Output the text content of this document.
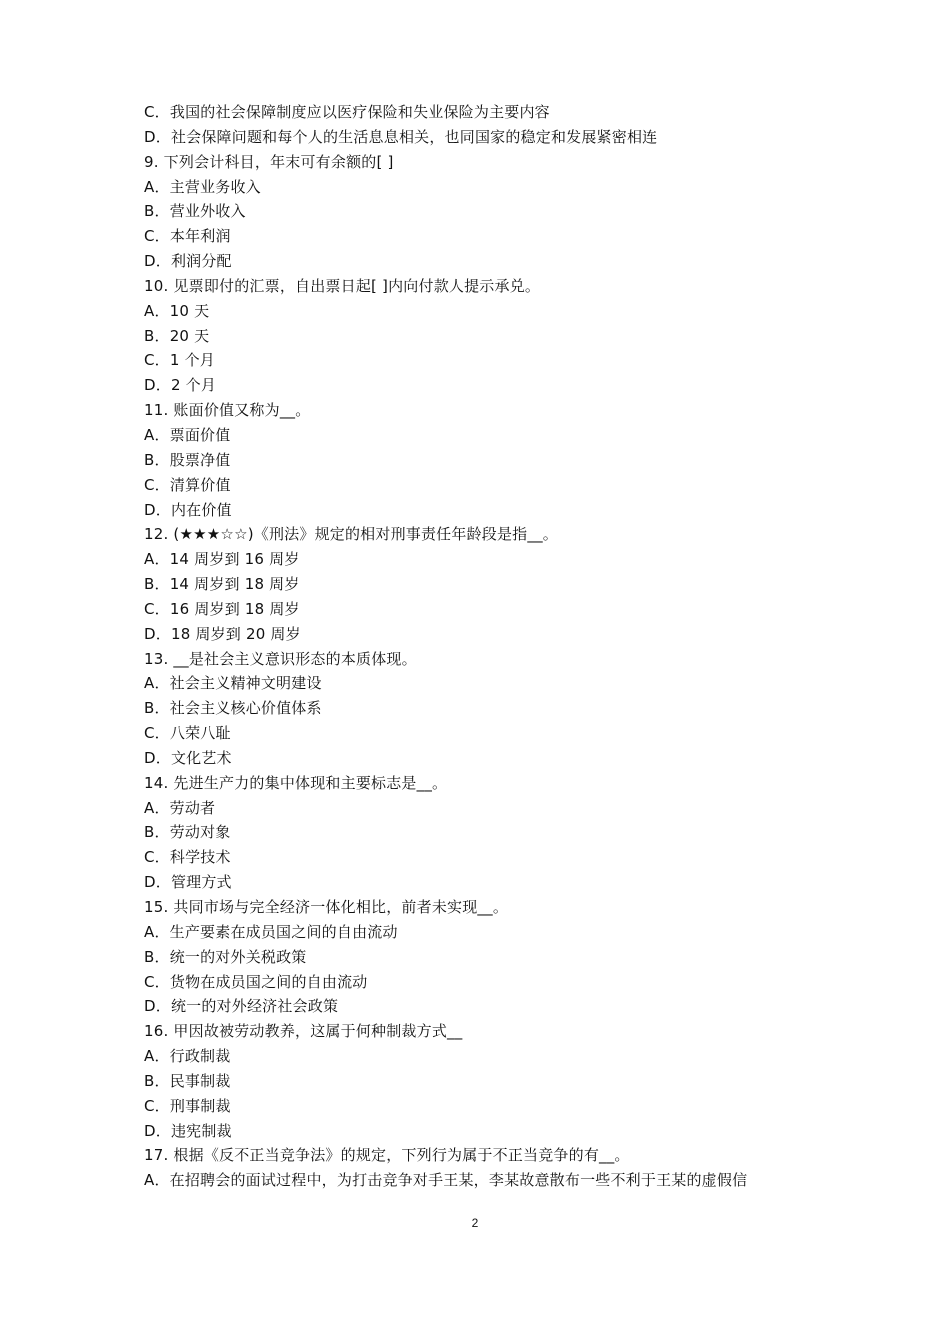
C．我国的社会保障制度应以医疗保险和失业保险为主要内容
D．社会保障问题和每个人的生活息息相关，也同国家的稳定和发展紧密相连
9. 下列会计科目，年末可有余额的[ ]
A．主营业务收入
B．营业外收入
C．本年利润
D．利润分配
10. 见票即付的汇票，自出票日起[ ]内向付款人提示承兑。
A．10 天
B．20 天
C．1 个月
D．2 个月
11. 账面价值又称为__。
A．票面价值
B．股票净值
C．清算价值
D．内在价值
12. (★★★☆☆)《刑法》规定的相对刑事责任年龄段是指__。
A．14 周岁到 16 周岁
B．14 周岁到 18 周岁
C．16 周岁到 18 周岁
D．18 周岁到 20 周岁
13. __是社会主义意识形态的本质体现。
A．社会主义精神文明建设
B．社会主义核心价值体系
C．八荣八耻
D．文化艺术
14. 先进生产力的集中体现和主要标志是__。
A．劳动者
B．劳动对象
C．科学技术
D．管理方式
15. 共同市场与完全经济一体化相比，前者未实现__。
A．生产要素在成员国之间的自由流动
B．统一的对外关税政策
C．货物在成员国之间的自由流动
D．统一的对外经济社会政策
16. 甲因故被劳动教养，这属于何种制裁方式__
A．行政制裁
B．民事制裁
C．刑事制裁
D．违宪制裁
17. 根据《反不正当竞争法》的规定，下列行为属于不正当竞争的有__。
A．在招聘会的面试过程中，为打击竞争对手王某，李某故意散布一些不利于王某的虚假信
2
